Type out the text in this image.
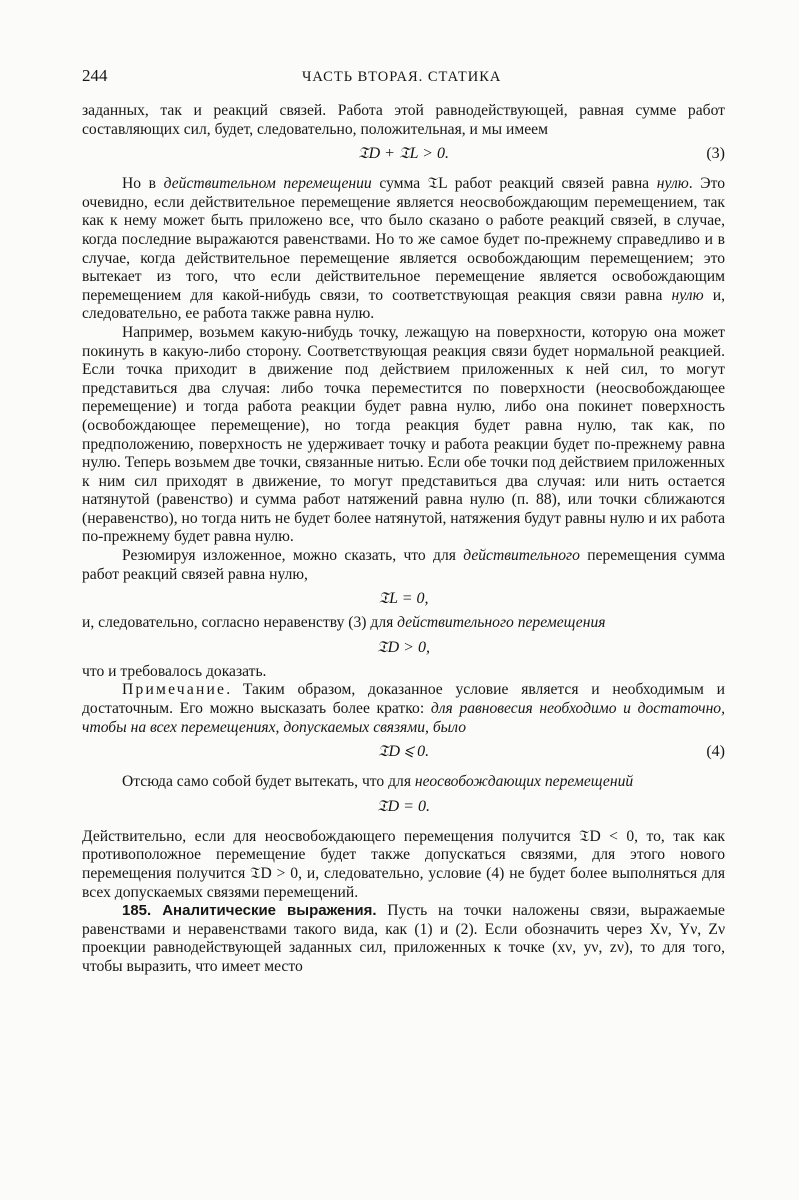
244	ЧАСТЬ ВТОРАЯ. СТАТИКА

заданных, так и реакций связей. Работа этой равнодействующей, равная сумме работ составляющих сил, будет, следовательно, положительная, и мы имеем

𝔗D + 𝔗L > 0.	(3)

Но в действительном перемещении сумма 𝔗L работ реакций связей равна нулю. Это очевидно, если действительное перемещение является неосвобождающим перемещением, так как к нему может быть приложено все, что было сказано о работе реакций связей, в случае, когда последние выражаются равенствами. Но то же самое будет по-прежнему справедливо и в случае, когда действительное перемещение является освобождающим перемещением; это вытекает из того, что если действительное перемещение является освобождающим перемещением для какой-нибудь связи, то соответствующая реакция связи равна нулю и, следовательно, ее работа также равна нулю.

Например, возьмем какую-нибудь точку, лежащую на поверхности, которую она может покинуть в какую-либо сторону. Соответствующая реакция связи будет нормальной реакцией. Если точка приходит в движение под действием приложенных к ней сил, то могут представиться два случая: либо точка переместится по поверхности (неосвобождающее перемещение) и тогда работа реакции будет равна нулю, либо она покинет поверхность (освобождающее перемещение), но тогда реакция будет равна нулю, так как, по предположению, поверхность не удерживает точку и работа реакции будет по-прежнему равна нулю. Теперь возьмем две точки, связанные нитью. Если обе точки под действием приложенных к ним сил приходят в движение, то могут представиться два случая: или нить остается натянутой (равенство) и сумма работ натяжений равна нулю (п. 88), или точки сближаются (неравенство), но тогда нить не будет более натянутой, натяжения будут равны нулю и их работа по-прежнему будет равна нулю.

Резюмируя изложенное, можно сказать, что для действительного перемещения сумма работ реакций связей равна нулю,

𝔗L = 0,

и, следовательно, согласно неравенству (3) для действительного перемещения

𝔗D > 0,

что и требовалось доказать.

Примечание. Таким образом, доказанное условие является и необходимым и достаточным. Его можно высказать более кратко: для равновесия необходимо и достаточно, чтобы на всех перемещениях, допускаемых связями, было

𝔗D ⩽ 0.	(4)

Отсюда само собой будет вытекать, что для неосвобождающих перемещений

𝔗D = 0.

Действительно, если для неосвобождающего перемещения получится 𝔗D < 0, то, так как противоположное перемещение будет также допускаться связями, для этого нового перемещения получится 𝔗D > 0, и, следовательно, условие (4) не будет более выполняться для всех допускаемых связями перемещений.

185. Аналитические выражения. Пусть на точки наложены связи, выражаемые равенствами и неравенствами такого вида, как (1) и (2). Если обозначить через Xν, Yν, Zν проекции равнодействующей заданных сил, приложенных к точке (xν, yν, zν), то для того, чтобы выразить, что имеет место
